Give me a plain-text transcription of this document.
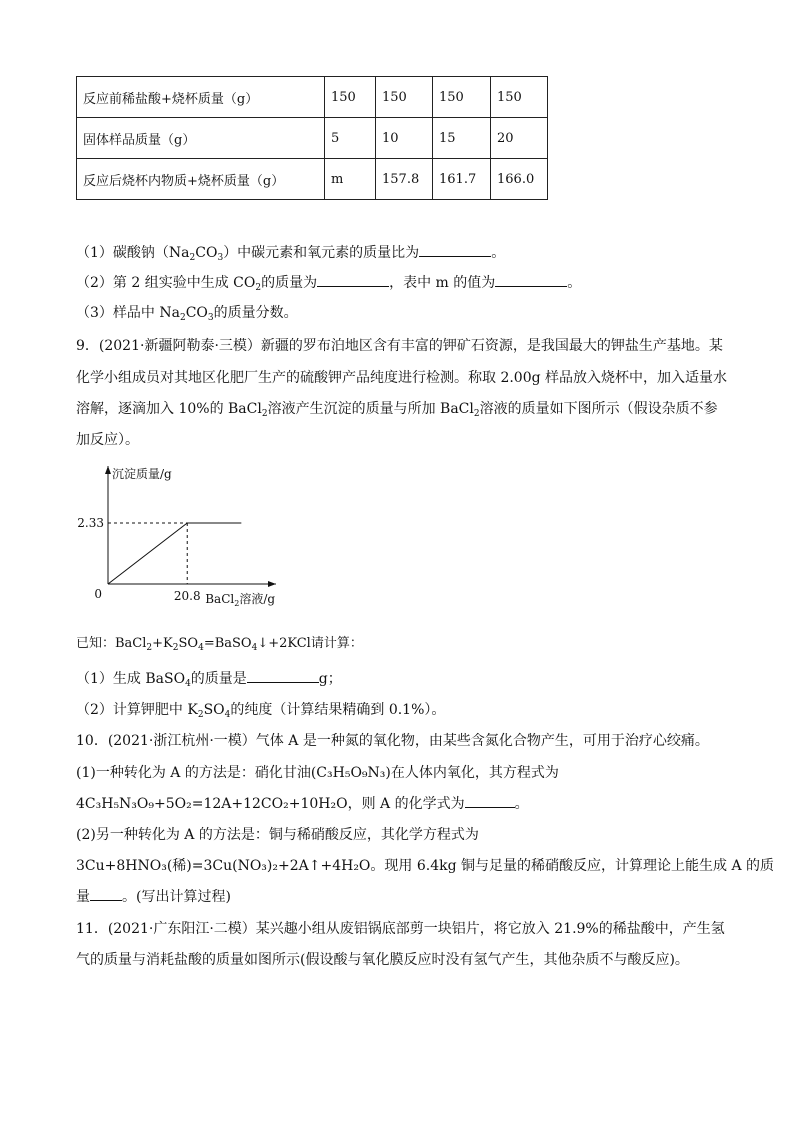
反应前稀盐酸+烧杯质量（g）	150	150	150	150
固体样品质量（g）	5	10	15	20
反应后烧杯内物质+烧杯质量（g）	m	157.8	161.7	166.0
（1）碳酸钠$(Na_2CO_3)$中碳元素和氧元素的质量比为	。
（2）第 2 组实验中生成 $CO_2$的质量为	，表中 m 的值为	。
（3）样品中 $Na_2CO_3$的质量分数。
9．(2021·新疆阿勒泰·三模）新疆的罗布泊地区含有丰富的钾矿石资源，是我国最大的钾盐生产基地。某
化学小组成员对其地区化肥厂生产的硫酸钾产品纯度进行检测。称取 2.00g 样品放入烧杯中，加入适量水
溶解，逐滴加入 10%的 BaCl$_2$溶液产生沉淀的质量与所加 BaCl$_2$溶液的质量如下图所示（假设杂质不参
加反应）。
沉淀质量/g
2.33
0	20.8 BaCl$_2$溶液/g
已知：$BaCl_2+K_2SO_4=BaSO_4↓+2KCl$请计算：
（1）生成 BaSO$_4$的质量是	g；
（2）计算钾肥中 $K_2SO_4$的纯度（计算结果精确到 0.1%）。
10．(2021·浙江杭州·一模）气体 A 是一种氮的氧化物，由某些含氮化合物产生，可用于治疗心绞痛。
(1)一种转化为 A 的方法是：硝化甘油(C₃H₅O₉N₃)在人体内氧化，其方程式为
4C₃H₅N₃O₉+5O₂=12A+12CO₂+10H₂O，则 A 的化学式为	。
(2)另一种转化为 A 的方法是：铜与稀硝酸反应，其化学方程式为
3Cu+8HNO₃(稀)=3Cu(NO₃)₂+2A↑+4H₂O。现用 6.4kg 铜与足量的稀硝酸反应，计算理论上能生成 A 的质
量 。(写出计算过程)
11．(2021·广东阳江·二模）某兴趣小组从废铝锅底部剪一块铝片，将它放入 21.9%的稀盐酸中，产生氢
气的质量与消耗盐酸的质量如图所示(假设酸与氧化膜反应时没有氢气产生，其他杂质不与酸反应)。
